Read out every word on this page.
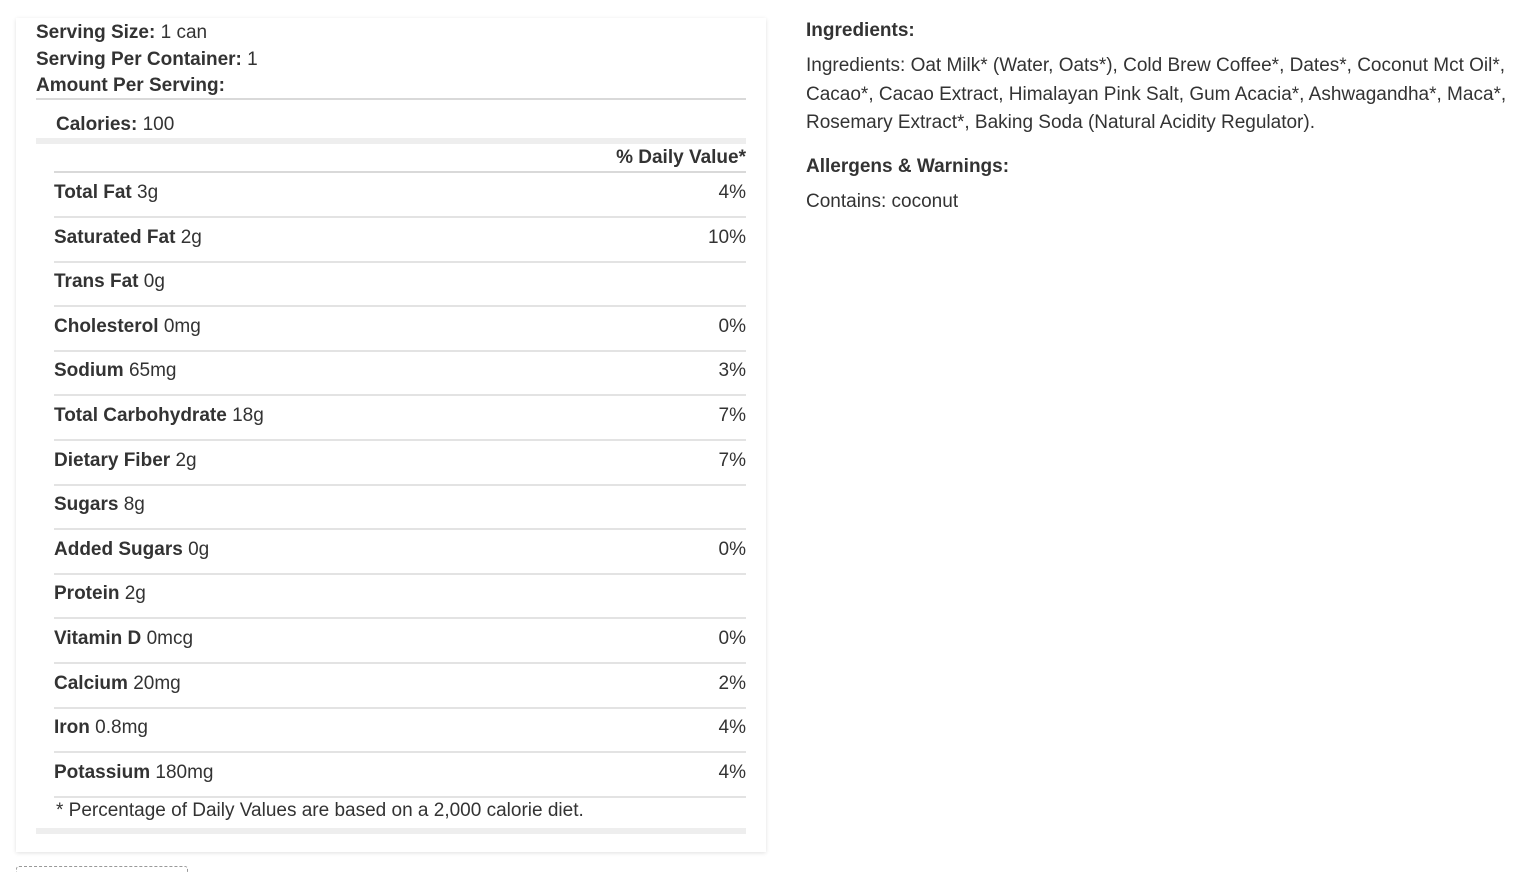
Serving Size: 1 can
Serving Per Container: 1
Amount Per Serving:
Calories: 100
% Daily Value*
Total Fat 3g	4%
Saturated Fat 2g	10%
Trans Fat 0g
Cholesterol 0mg	0%
Sodium 65mg	3%
Total Carbohydrate 18g	7%
Dietary Fiber 2g	7%
Sugars 8g
Added Sugars 0g	0%
Protein 2g
Vitamin D 0mcg	0%
Calcium 20mg	2%
Iron 0.8mg	4%
Potassium 180mg	4%
* Percentage of Daily Values are based on a 2,000 calorie diet.
Ingredients:

Ingredients: Oat Milk* (Water, Oats*), Cold Brew Coffee*, Dates*, Coconut Mct Oil*, Cacao*, Cacao Extract, Himalayan Pink Salt, Gum Acacia*, Ashwagandha*, Maca*, Rosemary Extract*, Baking Soda (Natural Acidity Regulator).

Allergens & Warnings:

Contains: coconut
